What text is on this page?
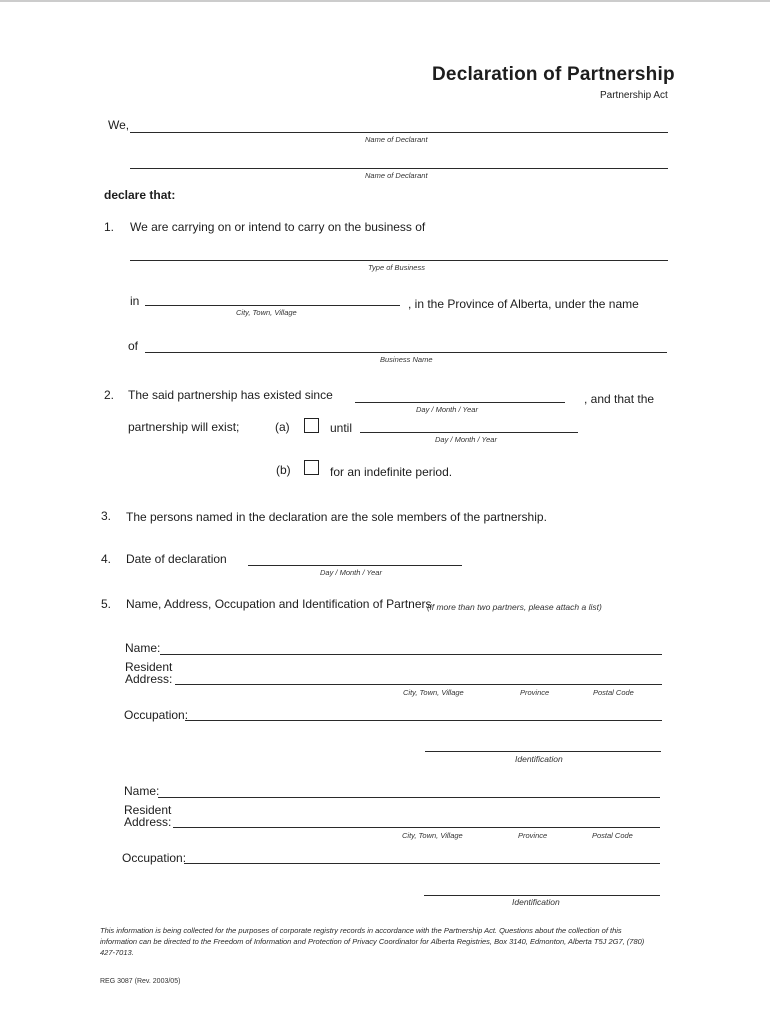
Declaration of Partnership
Partnership Act
We,
Name of Declarant
Name of Declarant
declare that:
1. We are carrying on or intend to carry on the business of
Type of Business
in
City, Town, Village
, in the Province of Alberta, under the name
of
Business Name
2. The said partnership has existed since
Day / Month / Year
, and that the
partnership will exist;	(a)	until
Day / Month / Year
(b)	for an indefinite period.
3. The persons named in the declaration are the sole members of the partnership.
4. Date of declaration
Day / Month / Year
5. Name, Address, Occupation and Identification of Partners
(if more than two partners, please attach a list)
Name:
Resident
Address:
City, Town, Village	Province	Postal Code
Occupation:
Identification
Name:
Resident
Address:
City, Town, Village	Province	Postal Code
Occupation:
Identification
This information is being collected for the purposes of corporate registry records in accordance with the Partnership Act. Questions about the collection of this information can be directed to the Freedom of Information and Protection of Privacy Coordinator for Alberta Registries, Box 3140, Edmonton, Alberta T5J 2G7, (780) 427-7013.
REG 3087 (Rev. 2003/05)
